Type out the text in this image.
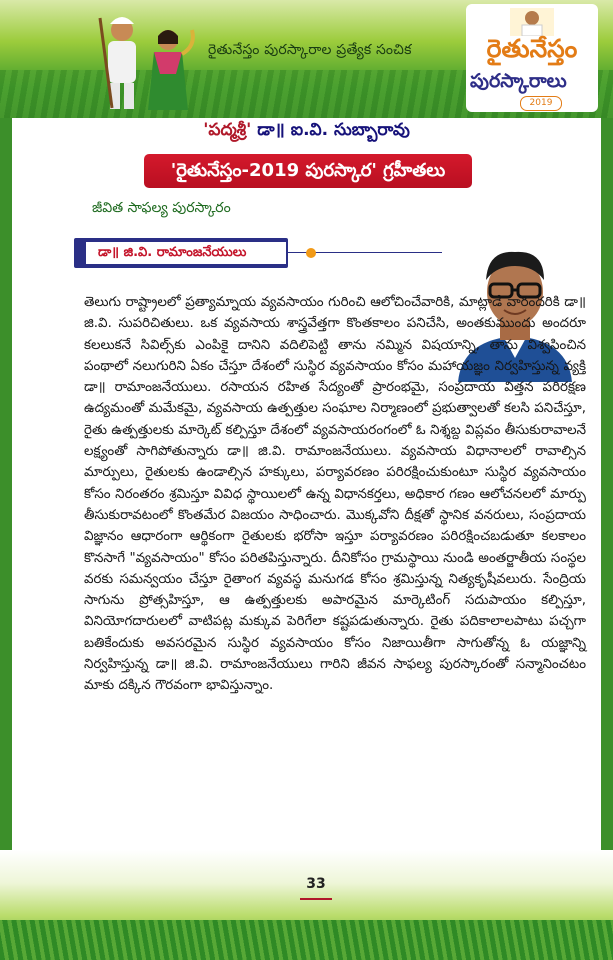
రైతునేస్తం పురస్కారాల ప్రత్యేక సంచిక	రైతునేస్తం
పురస్కారాలు
2019
'పద్మశ్రీ' డా॥ ఐ.వి. సుబ్బారావు
'రైతునేస్తం-2019 పురస్కార' గ్రహీతలు
జీవిత సాఫల్య పురస్కారం
డా॥ జి.వి. రామాంజనేయులు

తెలుగు రాష్ట్రాలలో ప్రత్యామ్నాయ వ్యవసాయం గురించి ఆలోచించేవారికి, మాట్లాడే వారందరికి డా॥ జి.వి. సుపరిచితులు. ఒక వ్యవసాయ శాస్త్రవేత్తగా కొంతకాలం పనిచేసి, అంతకుముందు అందరూ కలలుకనే సివిల్స్‌కు ఎంపికై దానిని వదిలిపెట్టి తాను నమ్మిన విషయాన్ని, తాను విశ్వసించిన పంథాలో నలుగురిని ఏకం చేస్తూ దేశంలో సుస్థిర వ్యవసాయం కోసం మహాయజ్ఞం నిర్వహిస్తున్న వ్యక్తి డా॥ రామాంజనేయులు. రసాయన రహిత సేద్యంతో ప్రారంభమై, సంప్రదాయ విత్తన పరిరక్షణ ఉద్యమంతో మమేకమై, వ్యవసాయ ఉత్పత్తుల సంఘాల నిర్మాణంలో ప్రభుత్వాలతో కలసి పనిచేస్తూ, రైతు ఉత్పత్తులకు మార్కెట్ కల్పిస్తూ దేశంలో వ్యవసాయరంగంలో ఓ నిశ్శబ్ద విప్లవం తీసుకురావాలనే లక్ష్యంతో సాగిపోతున్నారు డా॥ జి.వి. రామాంజనేయులు. వ్యవసాయ విధానాలలో రావాల్సిన మార్పులు, రైతులకు ఉండాల్సిన హక్కులు, పర్యావరణం పరిరక్షించుకుంటూ సుస్థిర వ్యవసాయం కోసం నిరంతరం శ్రమిస్తూ వివిధ స్థాయిలలో ఉన్న విధానకర్తలు, అధికార గణం ఆలోచనలలో మార్పు తీసుకురావటంలో కొంతమేర విజయం సాధించారు. మొక్కవోని దీక్షతో స్థానిక వనరులు, సంప్రదాయ విజ్ఞానం ఆధారంగా ఆర్థికంగా రైతులకు భరోసా ఇస్తూ పర్యావరణం పరిరక్షించబడుతూ కలకాలం కొనసాగే "వ్యవసాయం" కోసం పరితపిస్తున్నారు. దీనికోసం గ్రామస్థాయి నుండి అంతర్జాతీయ సంస్థల వరకు సమన్వయం చేస్తూ రైతాంగ వ్యవస్థ మనుగడ కోసం శ్రమిస్తున్న నిత్యకృషీవలురు. సేంద్రియ సాగును ప్రోత్సహిస్తూ, ఆ ఉత్పత్తులకు అపారమైన మార్కెటింగ్ సదుపాయం కల్పిస్తూ, వినియోగదారులలో వాటిపట్ల మక్కువ పెరిగేలా కష్టపడుతున్నారు. రైతు పదికాలాలపాటు పచ్చగా బతికేందుకు అవసరమైన సుస్థిర వ్యవసాయం కోసం నిజాయితీగా సాగుతోన్న ఓ యజ్ఞాన్ని నిర్వహిస్తున్న డా॥ జి.వి. రామాంజనేయులు గారిని జీవన సాఫల్య పురస్కారంతో సన్మానించటం మాకు దక్కిన గౌరవంగా భావిస్తున్నాం.

33
